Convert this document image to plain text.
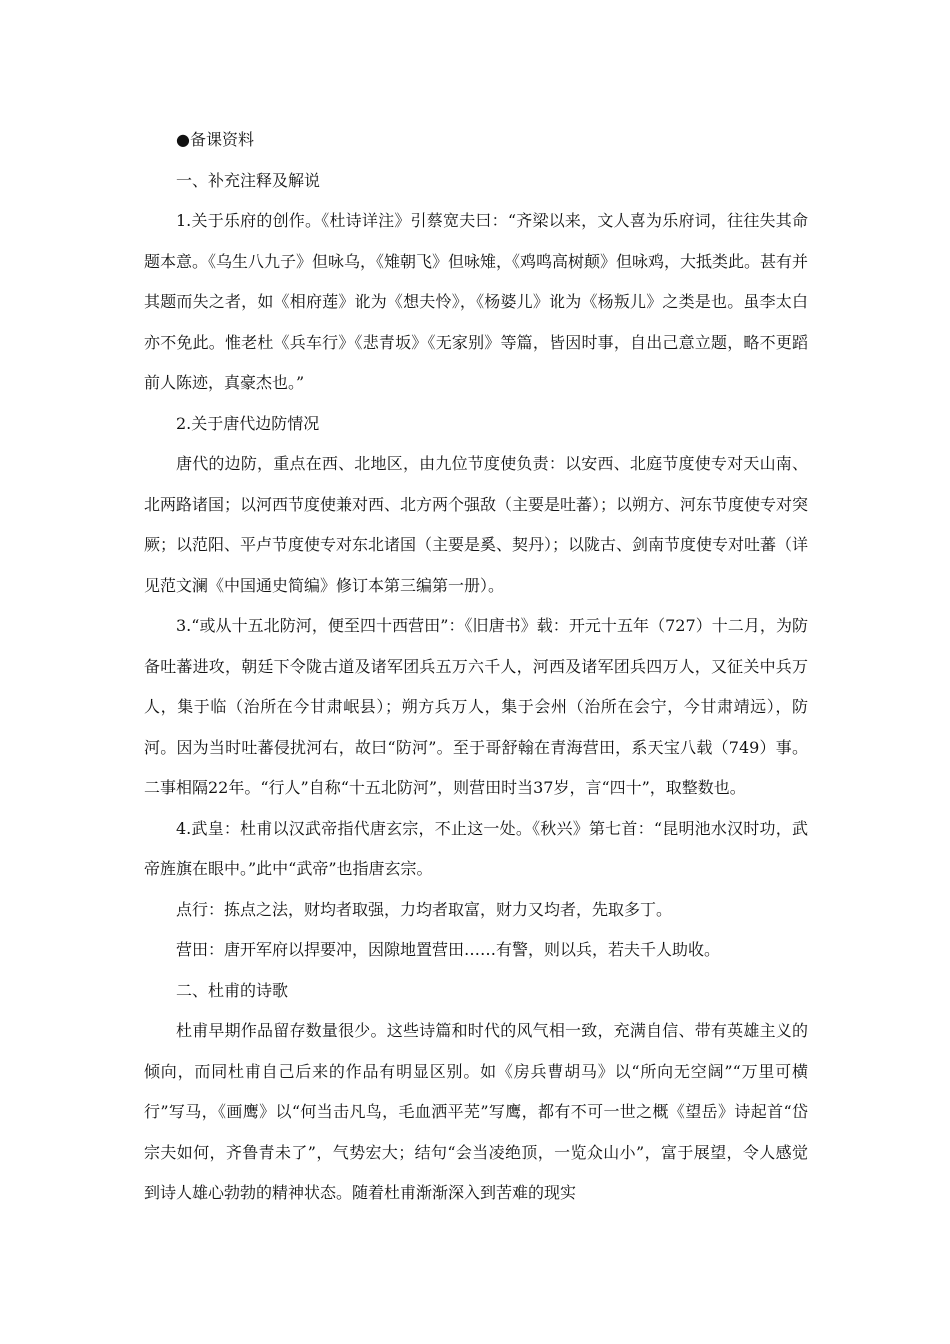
●备课资料

一、补充注释及解说

1.关于乐府的创作。《杜诗详注》引蔡宽夫曰：“齐梁以来，文人喜为乐府词，往往失其命题本意。《乌生八九子》但咏乌，《雉朝飞》但咏雉，《鸡鸣高树颠》但咏鸡，大抵类此。甚有并其题而失之者，如《相府莲》讹为《想夫怜》，《杨婆儿》讹为《杨叛儿》之类是也。虽李太白亦不免此。惟老杜《兵车行》《悲青坂》《无家别》等篇，皆因时事，自出己意立题，略不更蹈前人陈迹，真豪杰也。”

2.关于唐代边防情况

唐代的边防，重点在西、北地区，由九位节度使负责：以安西、北庭节度使专对天山南、北两路诸国；以河西节度使兼对西、北方两个强敌（主要是吐蕃）；以朔方、河东节度使专对突厥；以范阳、平卢节度使专对东北诸国（主要是奚、契丹）；以陇古、剑南节度使专对吐蕃（详见范文澜《中国通史简编》修订本第三编第一册）。

3.“或从十五北防河，便至四十西营田”：《旧唐书》载：开元十五年（727）十二月，为防备吐蕃进攻，朝廷下令陇古道及诸军团兵五万六千人，河西及诸军团兵四万人，又征关中兵万人，集于临（治所在今甘肃岷县）；朔方兵万人，集于会州（治所在会宁，今甘肃靖远），防河。因为当时吐蕃侵扰河右，故曰“防河”。至于哥舒翰在青海营田，系天宝八载（749）事。二事相隔22年。“行人”自称“十五北防河”，则营田时当37岁，言“四十”，取整数也。

4.武皇：杜甫以汉武帝指代唐玄宗，不止这一处。《秋兴》第七首：“昆明池水汉时功，武帝旌旗在眼中。”此中“武帝”也指唐玄宗。

点行：拣点之法，财均者取强，力均者取富，财力又均者，先取多丁。

营田：唐开军府以捍要冲，因隙地置营田……有警，则以兵，若夫千人助收。

二、杜甫的诗歌

杜甫早期作品留存数量很少。这些诗篇和时代的风气相一致，充满自信、带有英雄主义的倾向，而同杜甫自己后来的作品有明显区别。如《房兵曹胡马》以“所向无空阔”“万里可横行”写马，《画鹰》以“何当击凡鸟，毛血洒平芜”写鹰，都有不可一世之概《望岳》诗起首“岱宗夫如何，齐鲁青未了”，气势宏大；结句“会当凌绝顶，一览众山小”，富于展望，令人感觉到诗人雄心勃勃的精神状态。随着杜甫渐渐深入到苦难的现实
